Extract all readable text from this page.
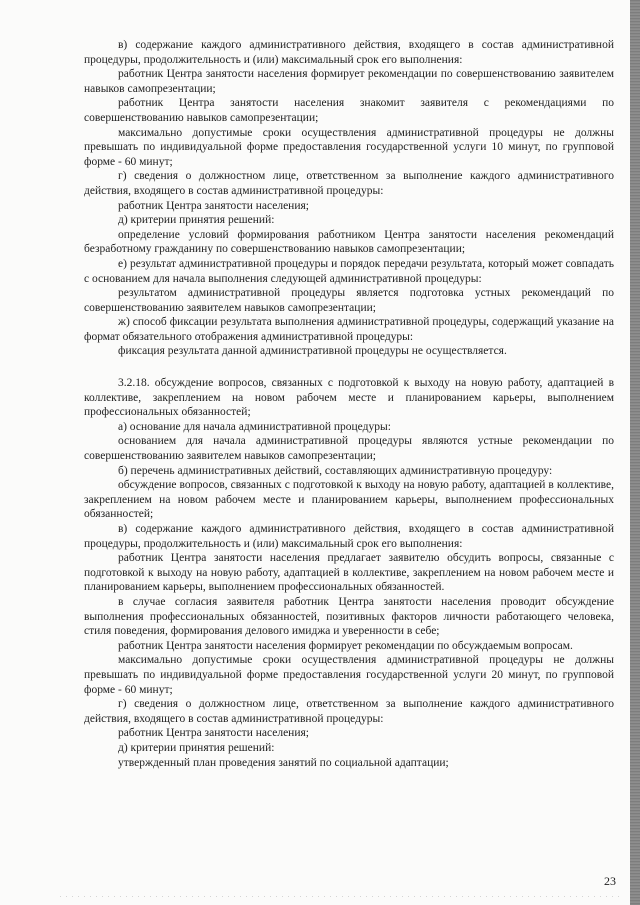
в) содержание каждого административного действия, входящего в состав административной процедуры, продолжительность и (или) максимальный срок его выполнения:

работник Центра занятости населения формирует рекомендации по совершенствованию заявителем навыков самопрезентации;

работник Центра занятости населения знакомит заявителя с рекомендациями по совершенствованию навыков самопрезентации;

максимально допустимые сроки осуществления административной процедуры не должны превышать по индивидуальной форме предоставления государственной услуги 10 минут, по групповой форме - 60 минут;

г) сведения о должностном лице, ответственном за выполнение каждого административного действия, входящего в состав административной процедуры:

работник Центра занятости населения;

д) критерии принятия решений:

определение условий формирования работником Центра занятости населения рекомендаций безработному гражданину по совершенствованию навыков самопрезентации;

е) результат административной процедуры и порядок передачи результата, который может совпадать с основанием для начала выполнения следующей административной процедуры:

результатом административной процедуры является подготовка устных рекомендаций по совершенствованию заявителем навыков самопрезентации;

ж) способ фиксации результата выполнения административной процедуры, содержащий указание на формат обязательного отображения административной процедуры:

фиксация результата данной административной процедуры не осуществляется.

3.2.18. обсуждение вопросов, связанных с подготовкой к выходу на новую работу, адаптацией в коллективе, закреплением на новом рабочем месте и планированием карьеры, выполнением профессиональных обязанностей;

а) основание для начала административной процедуры:

основанием для начала административной процедуры являются устные рекомендации по совершенствованию заявителем навыков самопрезентации;

б) перечень административных действий, составляющих административную процедуру:

обсуждение вопросов, связанных с подготовкой к выходу на новую работу, адаптацией в коллективе, закреплением на новом рабочем месте и планированием карьеры, выполнением профессиональных обязанностей;

в) содержание каждого административного действия, входящего в состав административной процедуры, продолжительность и (или) максимальный срок его выполнения:

работник Центра занятости населения предлагает заявителю обсудить вопросы, связанные с подготовкой к выходу на новую работу, адаптацией в коллективе, закреплением на новом рабочем месте и планированием карьеры, выполнением профессиональных обязанностей.

в случае согласия заявителя работник Центра занятости населения проводит обсуждение выполнения профессиональных обязанностей, позитивных факторов личности работающего человека, стиля поведения, формирования делового имиджа и уверенности в себе;

работник Центра занятости населения формирует рекомендации по обсуждаемым вопросам.

максимально допустимые сроки осуществления административной процедуры не должны превышать по индивидуальной форме предоставления государственной услуги 20 минут, по групповой форме - 60 минут;

г) сведения о должностном лице, ответственном за выполнение каждого административного действия, входящего в состав административной процедуры:

работник Центра занятости населения;

д) критерии принятия решений:

утвержденный план проведения занятий по социальной адаптации;

23
